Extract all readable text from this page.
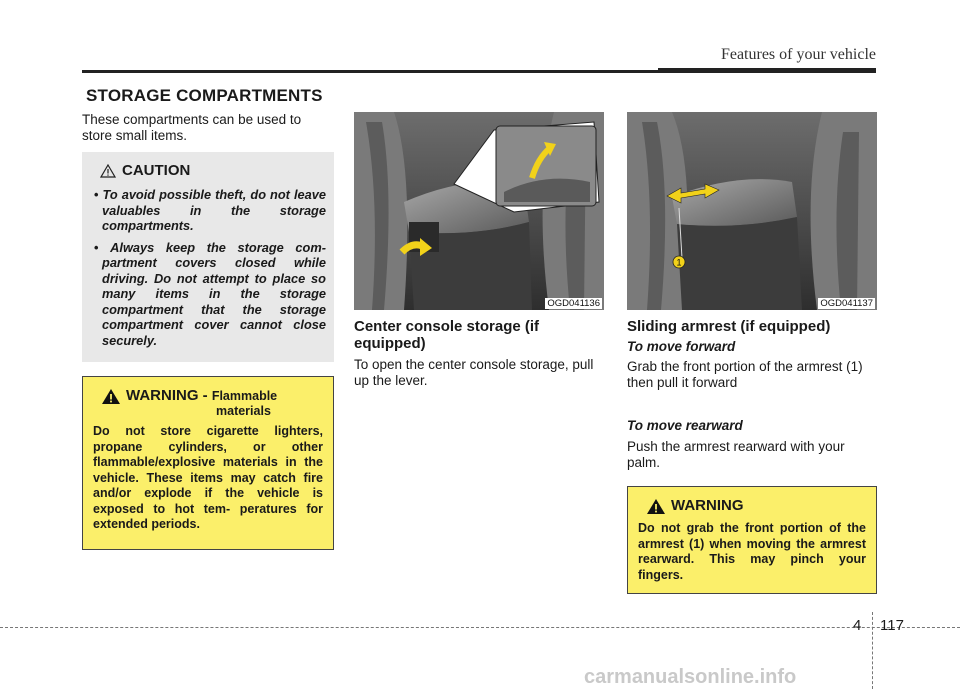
Features of your vehicle
STORAGE COMPARTMENTS
These compartments can be used to store small items.
CAUTION
• To avoid possible theft, do not leave valuables in the storage compartments.
• Always keep the storage com- partment covers closed while driving. Do not attempt to place so many items in the storage compartment that the storage compartment cover cannot close securely.
WARNING - Flammable
materials
Do not store cigarette lighters, propane cylinders, or other flammable/explosive materials in the vehicle. These items may catch fire and/or explode if the vehicle is exposed to hot tem- peratures for extended periods.
OGD041136
1
OGD041137
Center console storage (if equipped)
To open the center console storage, pull up the lever.
Sliding armrest (if equipped)
To move forward
Grab the front portion of the armrest (1) then pull it forward
To move rearward
Push the armrest rearward with your palm.
WARNING
Do not grab the front portion of the armrest (1) when moving the armrest rearward. This may pinch your fingers.
4 117
carmanualsonline.info
